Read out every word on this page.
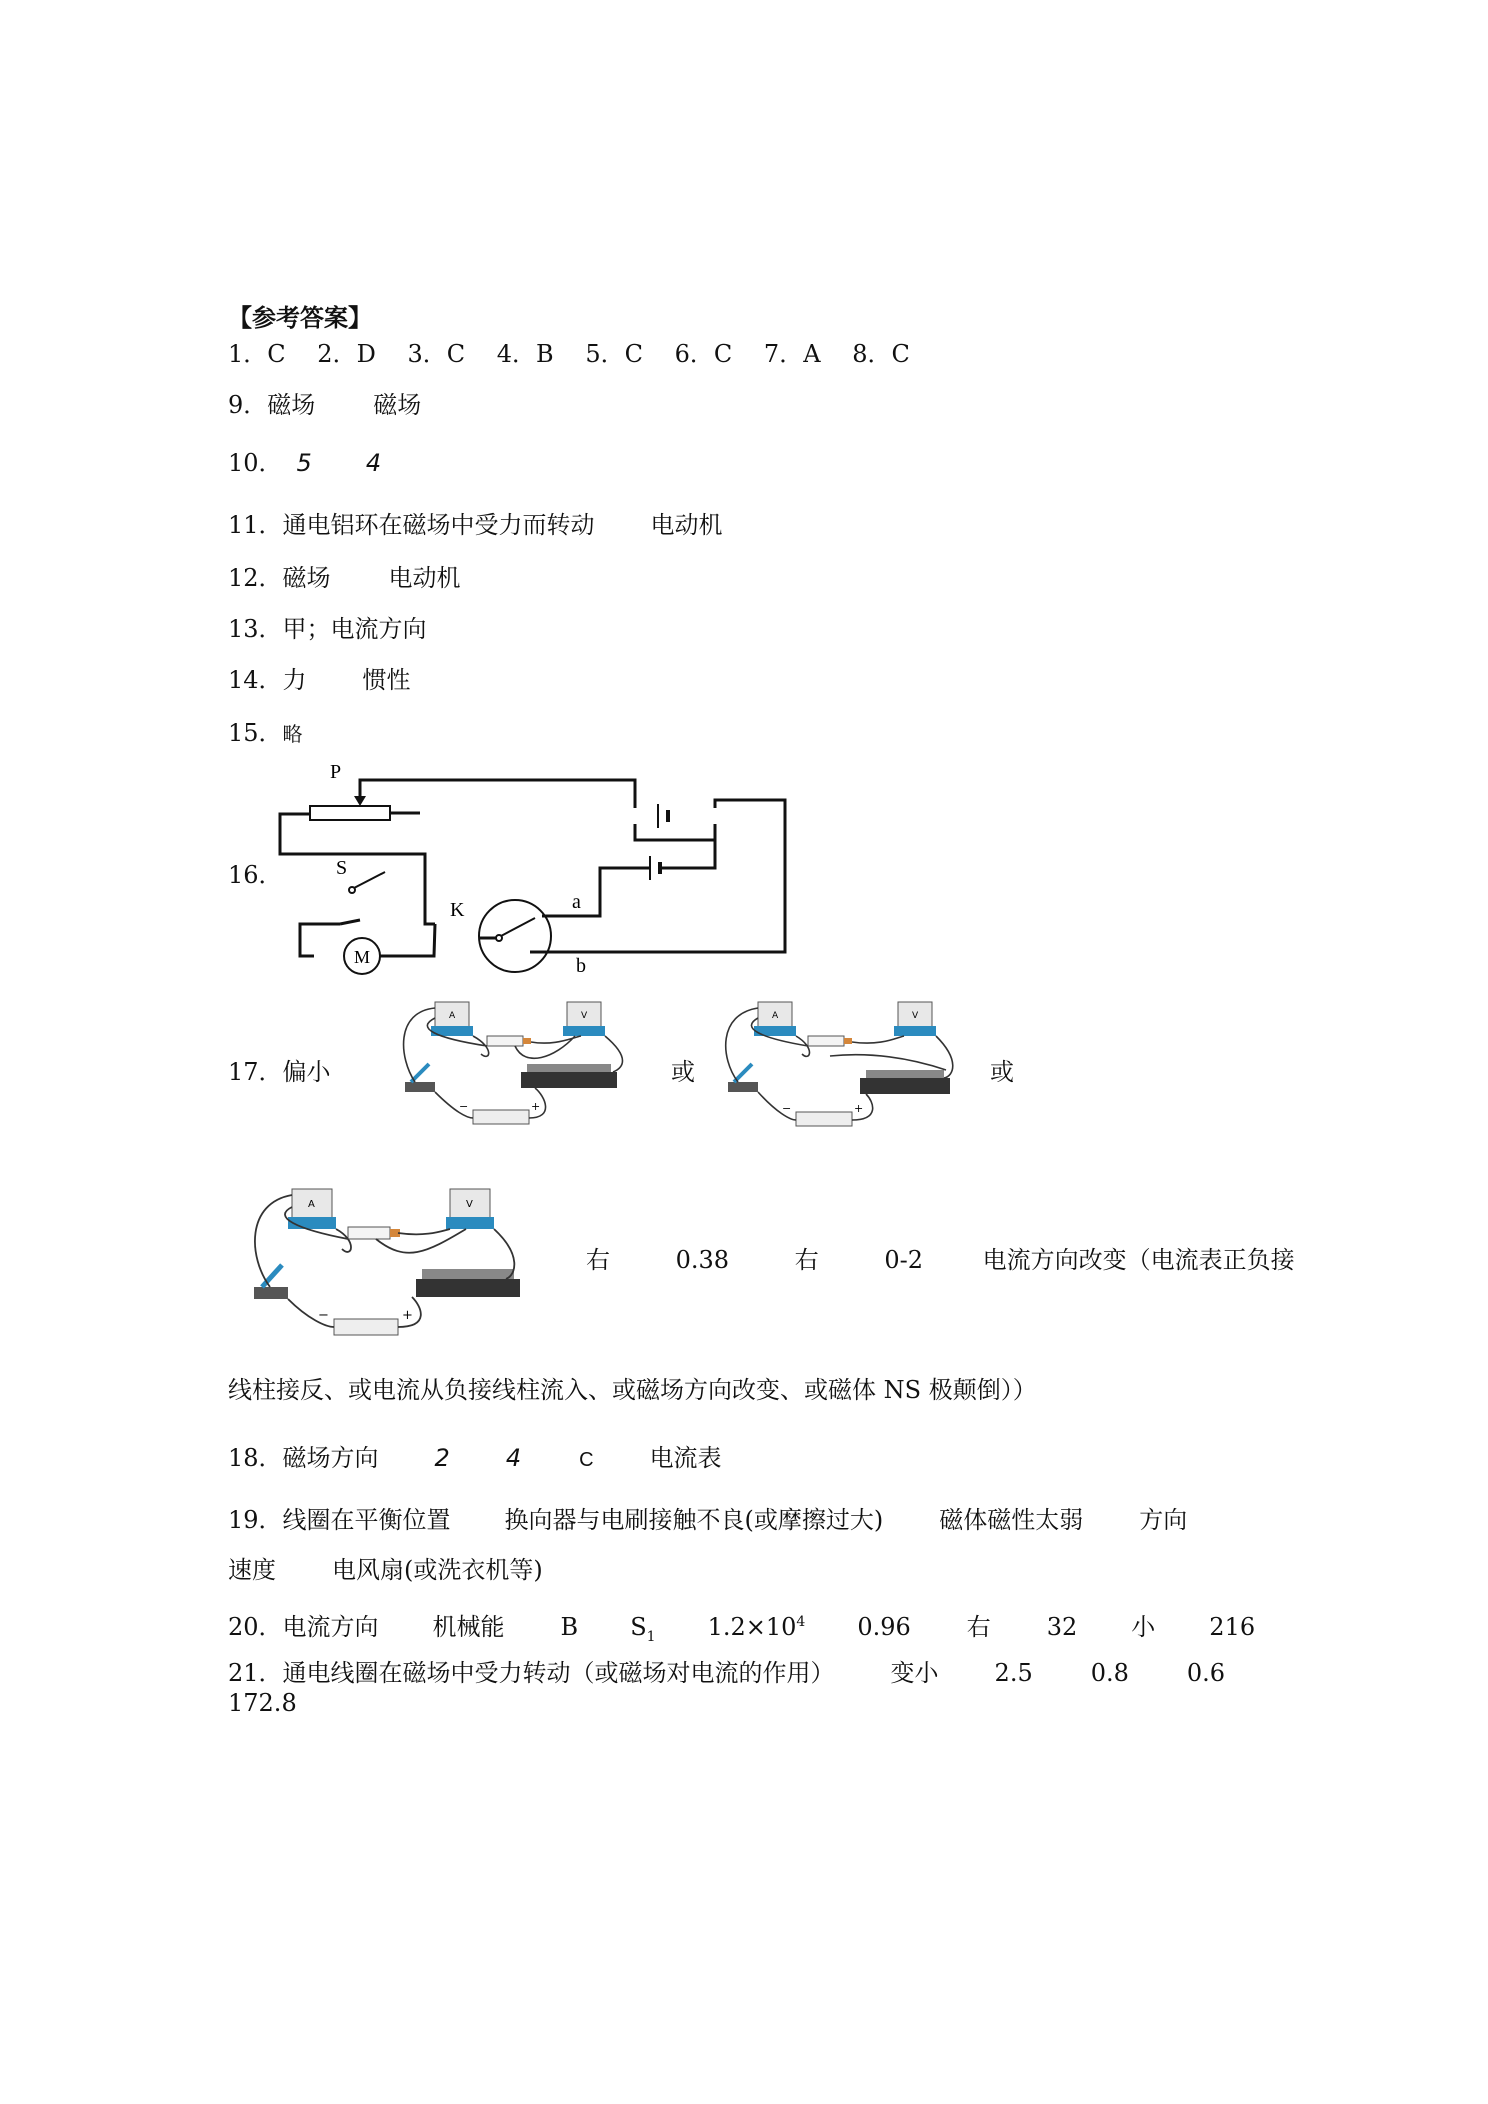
【参考答案】
1．C 2．D 3．C 4．B 5．C 6．C 7．A 8．C
9．磁场 磁场
10． 5 4
11．通电铝环在磁场中受力而转动 电动机
12．磁场 电动机
13．甲；电流方向
14．力 惯性
15．略
16．
P
S
K
M
a
b
17．偏小	或	或
A	V
−	+
A	V
−	+
A	V
−	+
右	0.38	右	0-2 电流方向改变（电流表正负接
线柱接反、或电流从负接线柱流入、或磁场方向改变、或磁体 NS 极颠倒））
18．磁场方向 2 4	C 电流表
19．线圈在平衡位置 换向器与电刷接触不良(或摩擦过大) 磁体磁性太弱 方向
速度 电风扇(或洗衣机等)
20．电流方向 机械能 B $S_1$ $1.2\times 10^4$ 0.96 右 32 小 216
21．通电线圈在磁场中受力转动（或磁场对电流的作用） 变小 2.5 0.8 0.6
172.8
